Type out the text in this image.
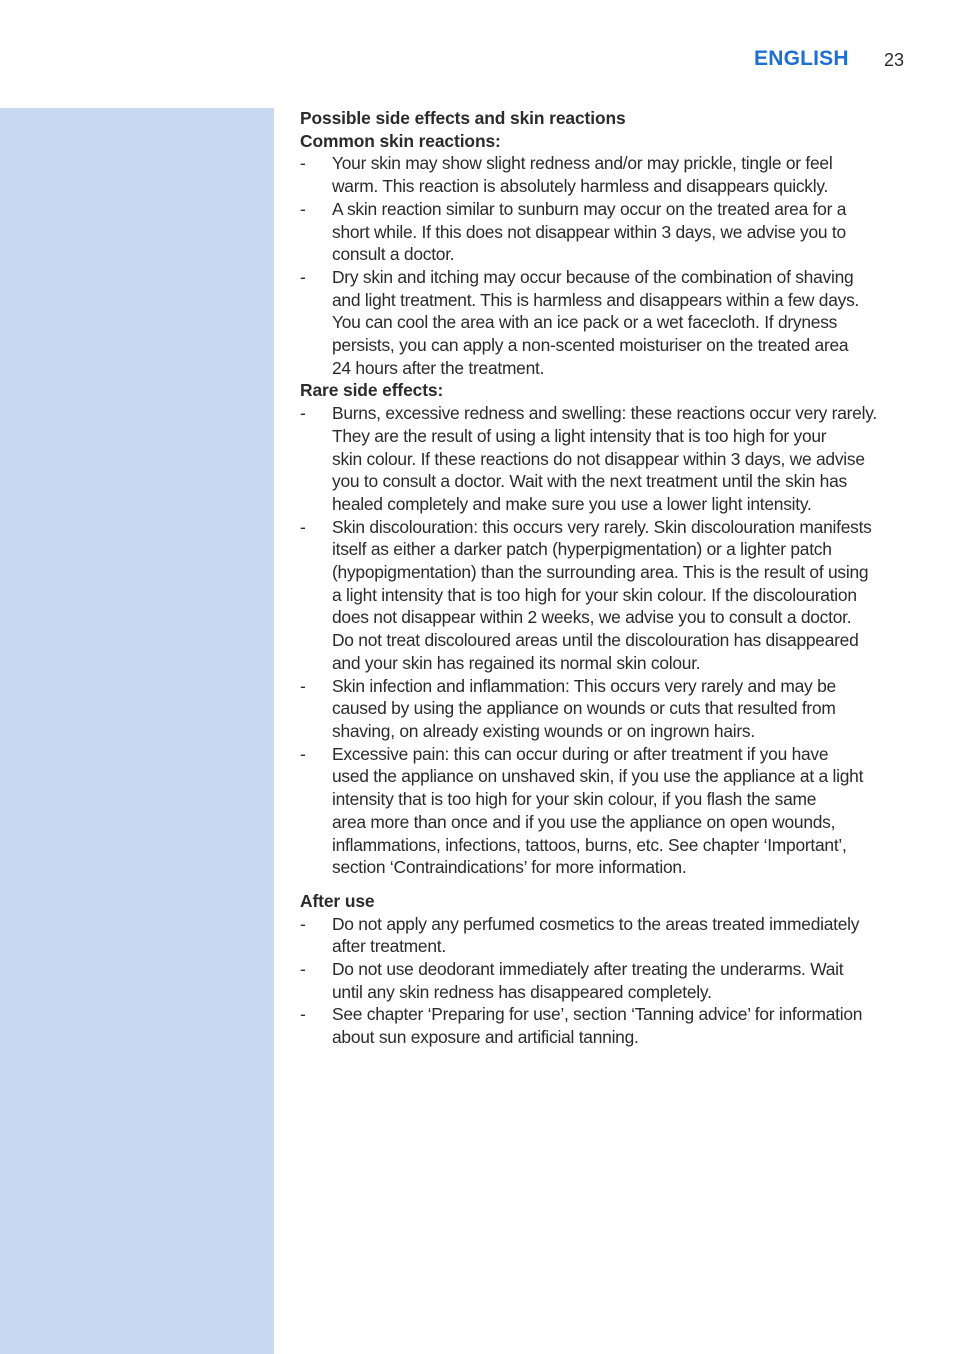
ENGLISH 23
Possible side effects and skin reactions
Common skin reactions:
- Your skin may show slight redness and/or may prickle, tingle or feel
warm. This reaction is absolutely harmless and disappears quickly.
- A skin reaction similar to sunburn may occur on the treated area for a
short while. If this does not disappear within 3 days, we advise you to
consult a doctor.
- Dry skin and itching may occur because of the combination of shaving
and light treatment. This is harmless and disappears within a few days.
You can cool the area with an ice pack or a wet facecloth. If dryness
persists, you can apply a non-scented moisturiser on the treated area
24 hours after the treatment.
Rare side effects:
- Burns, excessive redness and swelling: these reactions occur very rarely.
They are the result of using a light intensity that is too high for your
skin colour. If these reactions do not disappear within 3 days, we advise
you to consult a doctor. Wait with the next treatment until the skin has
healed completely and make sure you use a lower light intensity.
- Skin discolouration: this occurs very rarely. Skin discolouration manifests
itself as either a darker patch (hyperpigmentation) or a lighter patch
(hypopigmentation) than the surrounding area. This is the result of using
a light intensity that is too high for your skin colour. If the discolouration
does not disappear within 2 weeks, we advise you to consult a doctor.
Do not treat discoloured areas until the discolouration has disappeared
and your skin has regained its normal skin colour.
- Skin infection and inflammation: This occurs very rarely and may be
caused by using the appliance on wounds or cuts that resulted from
shaving, on already existing wounds or on ingrown hairs.
- Excessive pain: this can occur during or after treatment if you have
used the appliance on unshaved skin, if you use the appliance at a light
intensity that is too high for your skin colour, if you flash the same
area more than once and if you use the appliance on open wounds,
inflammations, infections, tattoos, burns, etc. See chapter ‘Important’,
section ‘Contraindications’ for more information.
After use
- Do not apply any perfumed cosmetics to the areas treated immediately
after treatment.
- Do not use deodorant immediately after treating the underarms. Wait
until any skin redness has disappeared completely.
- See chapter ‘Preparing for use’, section ‘Tanning advice’ for information
about sun exposure and artificial tanning.
